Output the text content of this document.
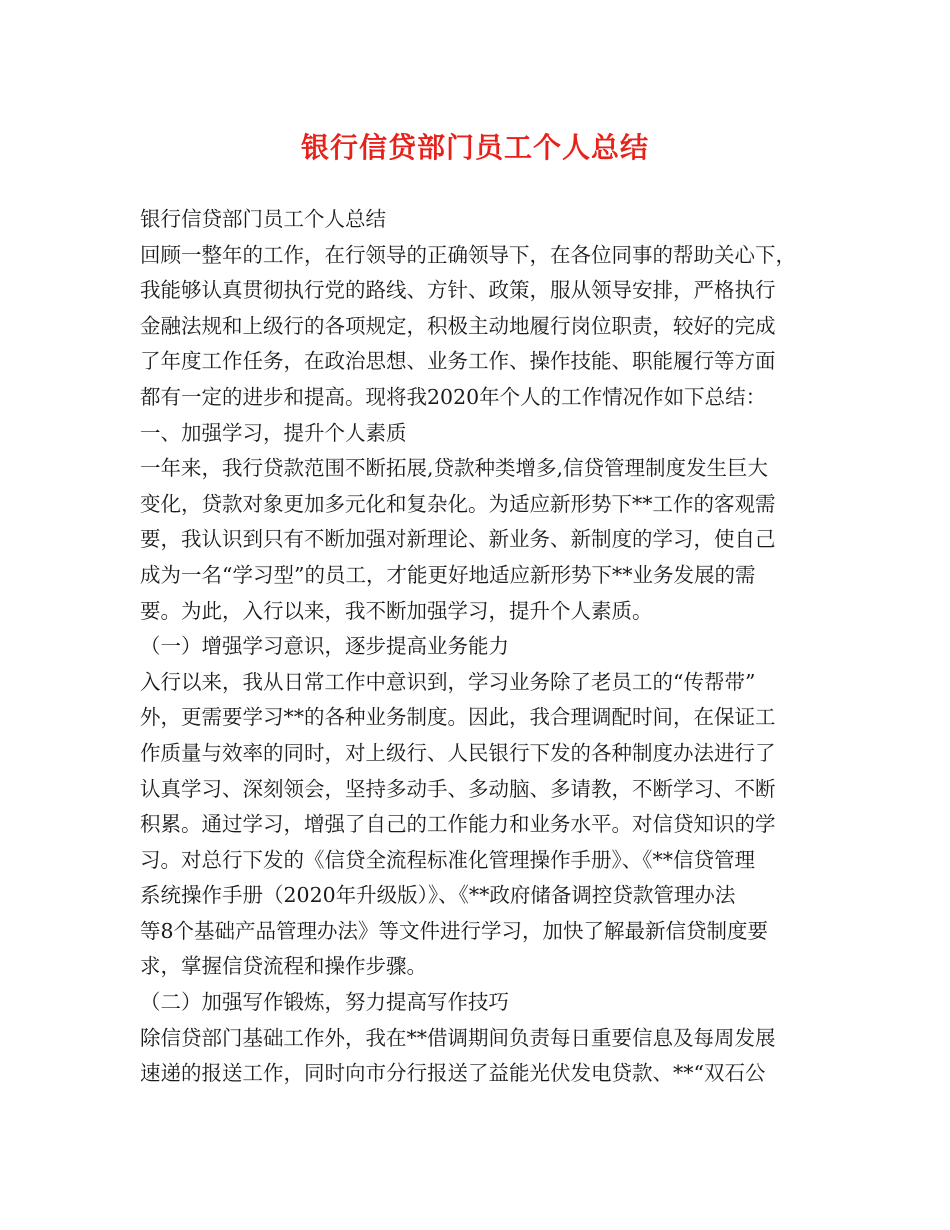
银行信贷部门员工个人总结
银行信贷部门员工个人总结
回顾一整年的工作，在行领导的正确领导下，在各位同事的帮助关心下，
我能够认真贯彻执行党的路线、方针、政策，服从领导安排，严格执行
金融法规和上级行的各项规定，积极主动地履行岗位职责，较好的完成
了年度工作任务，在政治思想、业务工作、操作技能、职能履行等方面
都有一定的进步和提高。现将我2020年个人的工作情况作如下总结：
一、加强学习，提升个人素质
一年来，我行贷款范围不断拓展,贷款种类增多,信贷管理制度发生巨大
变化，贷款对象更加多元化和复杂化。为适应新形势下**工作的客观需
要，我认识到只有不断加强对新理论、新业务、新制度的学习，使自己
成为一名“学习型”的员工，才能更好地适应新形势下**业务发展的需
要。为此，入行以来，我不断加强学习，提升个人素质。
（一）增强学习意识，逐步提高业务能力
入行以来，我从日常工作中意识到，学习业务除了老员工的“传帮带”
外，更需要学习**的各种业务制度。因此，我合理调配时间，在保证工
作质量与效率的同时，对上级行、人民银行下发的各种制度办法进行了
认真学习、深刻领会，坚持多动手、多动脑、多请教，不断学习、不断
积累。通过学习，增强了自己的工作能力和业务水平。对信贷知识的学
习。对总行下发的《信贷全流程标准化管理操作手册》、《**信贷管理
系统操作手册（2020年升级版）》、《**政府储备调控贷款管理办法
等8个基础产品管理办法》等文件进行学习，加快了解最新信贷制度要
求，掌握信贷流程和操作步骤。
（二）加强写作锻炼，努力提高写作技巧
除信贷部门基础工作外，我在**借调期间负责每日重要信息及每周发展
速递的报送工作，同时向市分行报送了益能光伏发电贷款、**“双石公
